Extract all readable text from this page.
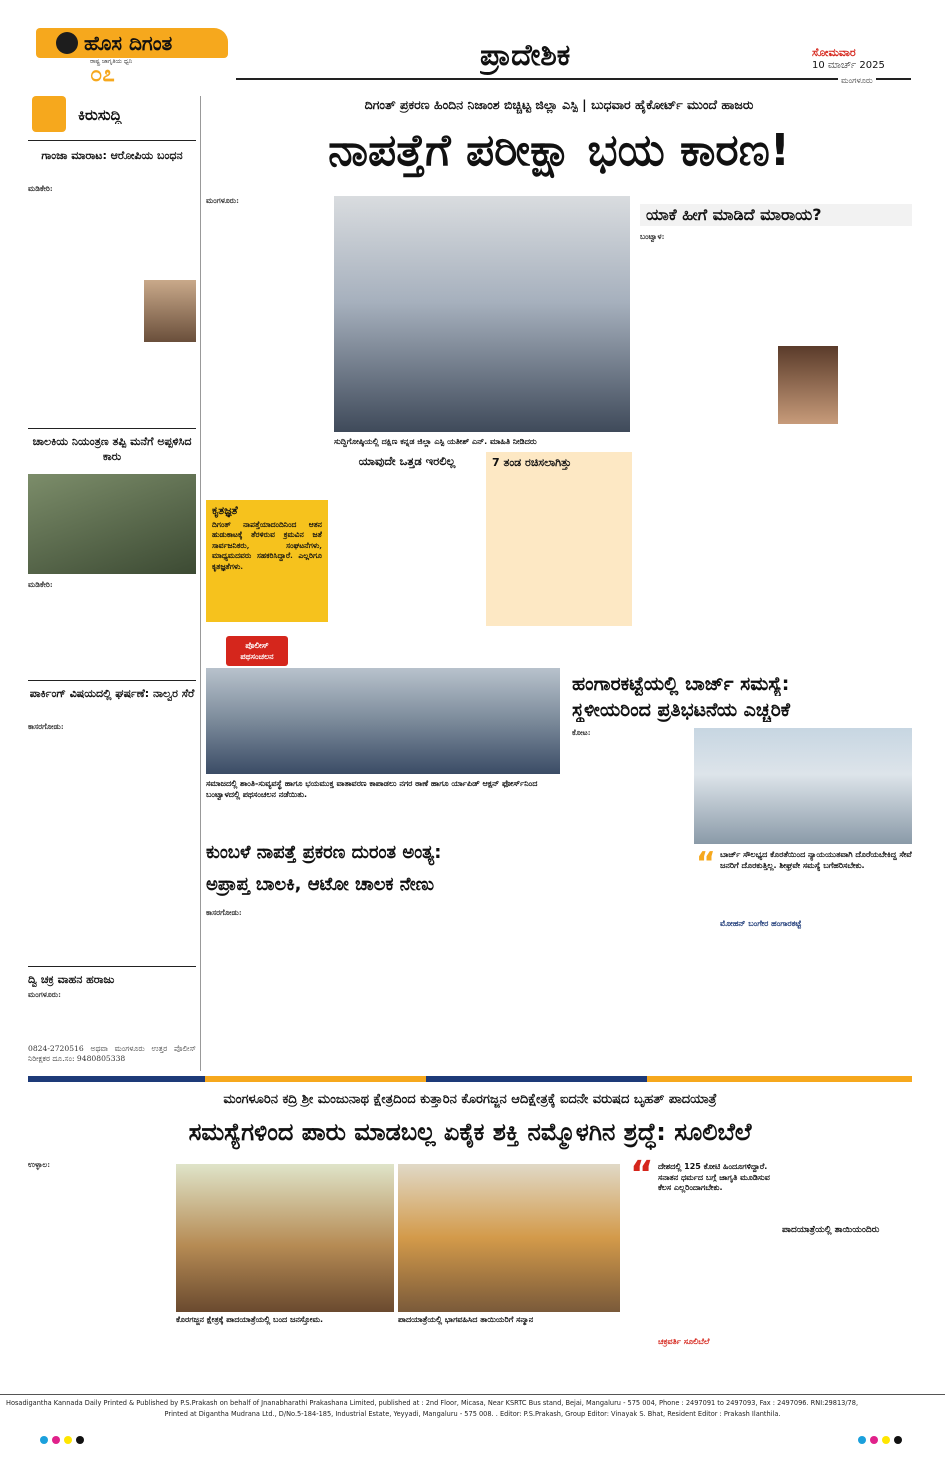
ಹೊಸ ದಿಗಂತ
ರಾಷ್ಟ್ರ ಜಾಗೃತಿಯ ಧ್ವನಿ
೦೭
ಪ್ರಾದೇಶಿಕ	ಸೋಮವಾರ
10 ಮಾರ್ಚ್ 2025
ಮಂಗಳೂರು
ಕಿರುಸುದ್ದಿ
ಗಾಂಜಾ ಮಾರಾಟ: ಆರೋಪಿಯ ಬಂಧನ
ಮಡಿಕೇರಿ:
ಚಾಲಕಿಯ ನಿಯಂತ್ರಣ ತಪ್ಪಿ ಮನೆಗೆ ಅಪ್ಪಳಿಸಿದ ಕಾರು
ಮಡಿಕೇರಿ:
ಪಾರ್ಕಿಂಗ್ ವಿಷಯದಲ್ಲಿ ಘರ್ಷಣೆ: ನಾಲ್ವರ ಸೆರೆ
ಕಾಸರಗೋಡು:
ದ್ವಿ ಚಕ್ರ ವಾಹನ ಹರಾಜು
ಮಂಗಳೂರು:
0824-2720516 ಅಥವಾ ಮಂಗಳೂರು ಉತ್ತರ ಪೊಲೀಸ್ ನಿರೀಕ್ಷಕರ ದೂ.ಸಂ: 9480805338
ದಿಗಂತ್ ಪ್ರಕರಣ ಹಿಂದಿನ ನಿಜಾಂಶ ಬಿಚ್ಚಿಟ್ಟ ಜಿಲ್ಲಾ ಎಸ್ಪಿ | ಬುಧವಾರ ಹೈಕೋರ್ಟ್ ಮುಂದೆ ಹಾಜರು
ನಾಪತ್ತೆಗೆ ಪರೀಕ್ಷಾ ಭಯ ಕಾರಣ!
ಮಂಗಳೂರು:
ಸುದ್ದಿಗೋಷ್ಠಿಯಲ್ಲಿ ದಕ್ಷಿಣ ಕನ್ನಡ ಜಿಲ್ಲಾ ಎಸ್ಪಿ ಯತೀಶ್ ಎನ್. ಮಾಹಿತಿ ನೀಡಿದರು
ಕೃತಜ್ಞತೆ
ದಿಗಂತ್ ನಾಪತ್ತೆಯಾದಂದಿನಿಂದ ಆತನ ಹುಡುಕಾಟಕ್ಕೆ ತೆರಳಿರುವ ಕ್ರಮವಿನ ಜತೆ ಸಾರ್ವಜನಿಕರು, ಸಂಘಟನೆಗಳು, ಮಾಧ್ಯಮದವರು ಸಹಕರಿಸಿದ್ದಾರೆ. ಎಲ್ಲರಿಗೂ ಕೃತಜ್ಞತೆಗಳು.
ಯಾವುದೇ ಒತ್ತಡ ಇರಲಿಲ್ಲ	7 ತಂಡ ರಚಿಸಲಾಗಿತ್ತು
ಯಾಕೆ ಹೀಗೆ ಮಾಡಿದೆ ಮಾರಾಯ?
ಬಂಟ್ವಾಳ:
ಪೊಲೀಸ್ ಪಥಸಂಚಲನ
ಸಮಾಜದಲ್ಲಿ ಶಾಂತಿ-ಸುವ್ಯವಸ್ಥೆ ಹಾಗೂ ಭಯಮುಕ್ತ ವಾತಾವರಣ ಕಾಪಾಡಲು ನಗರ ಠಾಣೆ ಹಾಗೂ ರ್ಯಾಪಿಡ್ ಆಕ್ಷನ್ ಫೋರ್ಸ್‌ನಿಂದ ಬಂಟ್ವಾಳದಲ್ಲಿ ಪಥಸಂಚಲನ ನಡೆಯಿತು.
ಹಂಗಾರಕಟ್ಟೆಯಲ್ಲಿ ಬಾರ್ಜ್ ಸಮಸ್ಯೆ:
ಸ್ಥಳೀಯರಿಂದ ಪ್ರತಿಭಟನೆಯ ಎಚ್ಚರಿಕೆ
ಕೋಟ:
“ ಬಾರ್ಜ್ ಸೌಲಭ್ಯದ ಕೊರತೆಯಿಂದ ನ್ಯಾಯಯುತವಾಗಿ ದೊರೆಯಬೇಕಿದ್ದ ಸೇವೆ ಜನರಿಗೆ ದೊರಕುತ್ತಿಲ್ಲ. ಶೀಘ್ರವೇ ಸಮಸ್ಯೆ ಬಗೆಹರಿಸಬೇಕು.
ಮೋಹನ್ ಬಂಗೇರ ಹಂಗಾರಕಟ್ಟೆ
ಕುಂಬಳೆ ನಾಪತ್ತೆ ಪ್ರಕರಣ ದುರಂತ ಅಂತ್ಯ:
ಅಪ್ರಾಪ್ತ ಬಾಲಕಿ, ಆಟೋ ಚಾಲಕ ನೇಣು
ಕಾಸರಗೋಡು:
ಮಂಗಳೂರಿನ ಕದ್ರಿ ಶ್ರೀ ಮಂಜುನಾಥ ಕ್ಷೇತ್ರದಿಂದ ಕುತ್ತಾರಿನ ಕೊರಗಜ್ಜನ ಆದಿಕ್ಷೇತ್ರಕ್ಕೆ ಐದನೇ ವರುಷದ ಬೃಹತ್ ಪಾದಯಾತ್ರೆ
ಸಮಸ್ಯೆಗಳಿಂದ ಪಾರು ಮಾಡಬಲ್ಲ ಏಕೈಕ ಶಕ್ತಿ ನಮ್ಮೊಳಗಿನ ಶ್ರದ್ಧೆ: ಸೂಲಿಬೆಲೆ
ಉಳ್ಳಾಲ:
ಕೊರಗಜ್ಜನ ಕ್ಷೇತ್ರಕ್ಕೆ ಪಾದಯಾತ್ರೆಯಲ್ಲಿ ಬಂದ ಜನಸ್ತೋಮ.	ಪಾದಯಾತ್ರೆಯಲ್ಲಿ ಭಾಗವಹಿಸಿದ ತಾಯಿಯರಿಗೆ ಸನ್ಮಾನ
“ ದೇಶದಲ್ಲಿ 125 ಕೋಟಿ ಹಿಂದೂಗಳಿದ್ದಾರೆ. ಸನಾತನ ಧರ್ಮದ ಬಗ್ಗೆ ಜಾಗೃತಿ ಮೂಡಿಸುವ ಕೆಲಸ ಎಲ್ಲರಿಂದಾಗಬೇಕು.
ಚಕ್ರವರ್ತಿ ಸೂಲಿಬೆಲೆ
ಪಾದಯಾತ್ರೆಯಲ್ಲಿ ತಾಯಿಯಂದಿರು
Hosadigantha Kannada Daily Printed & Published by P.S.Prakash on behalf of Jnanabharathi Prakashana Limited, published at : 2nd Floor, Micasa, Near KSRTC Bus stand, Bejai, Mangaluru - 575 004, Phone : 2497091 to 2497093, Fax : 2497096. RNI:29813/78,
Printed at Digantha Mudrana Ltd., D/No.5-184-185, Industrial Estate, Yeyyadi, Mangaluru - 575 008. . Editor: P.S.Prakash, Group Editor: Vinayak S. Bhat, Resident Editor : Prakash Ilanthila.
